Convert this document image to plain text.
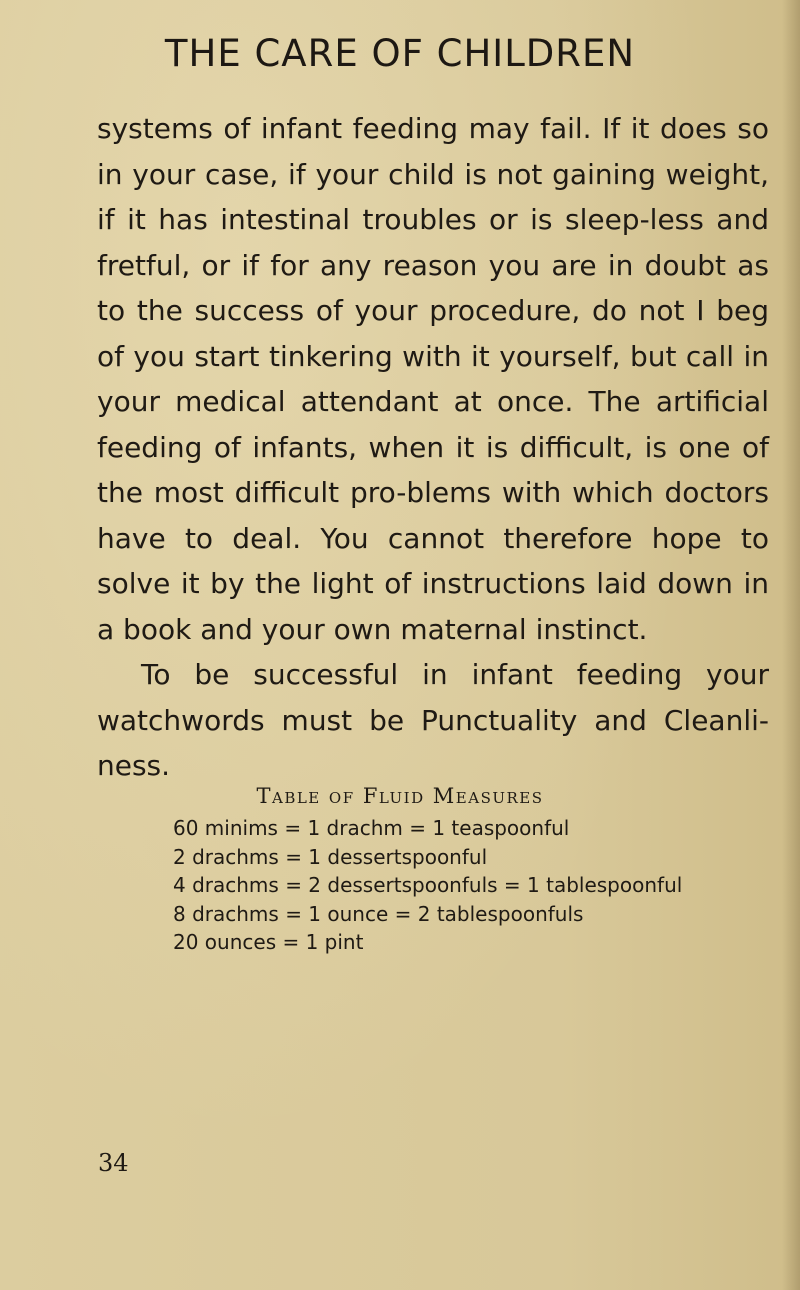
THE CARE OF CHILDREN

systems of infant feeding may fail. If it does so in your case, if your child is not gaining weight, if it has intestinal troubles or is sleep-less and fretful, or if for any reason you are in doubt as to the success of your procedure, do not I beg of you start tinkering with it yourself, but call in your medical attendant at once. The artificial feeding of infants, when it is difficult, is one of the most difficult pro-blems with which doctors have to deal. You cannot therefore hope to solve it by the light of instructions laid down in a book and your own maternal instinct.

To be successful in infant feeding your watchwords must be Punctuality and Cleanli-ness.

Table of Fluid Measures
60 minims = 1 drachm = 1 teaspoonful
2 drachms = 1 dessertspoonful
4 drachms = 2 dessertspoonfuls = 1 tablespoonful
8 drachms = 1 ounce = 2 tablespoonfuls
20 ounces = 1 pint
34
